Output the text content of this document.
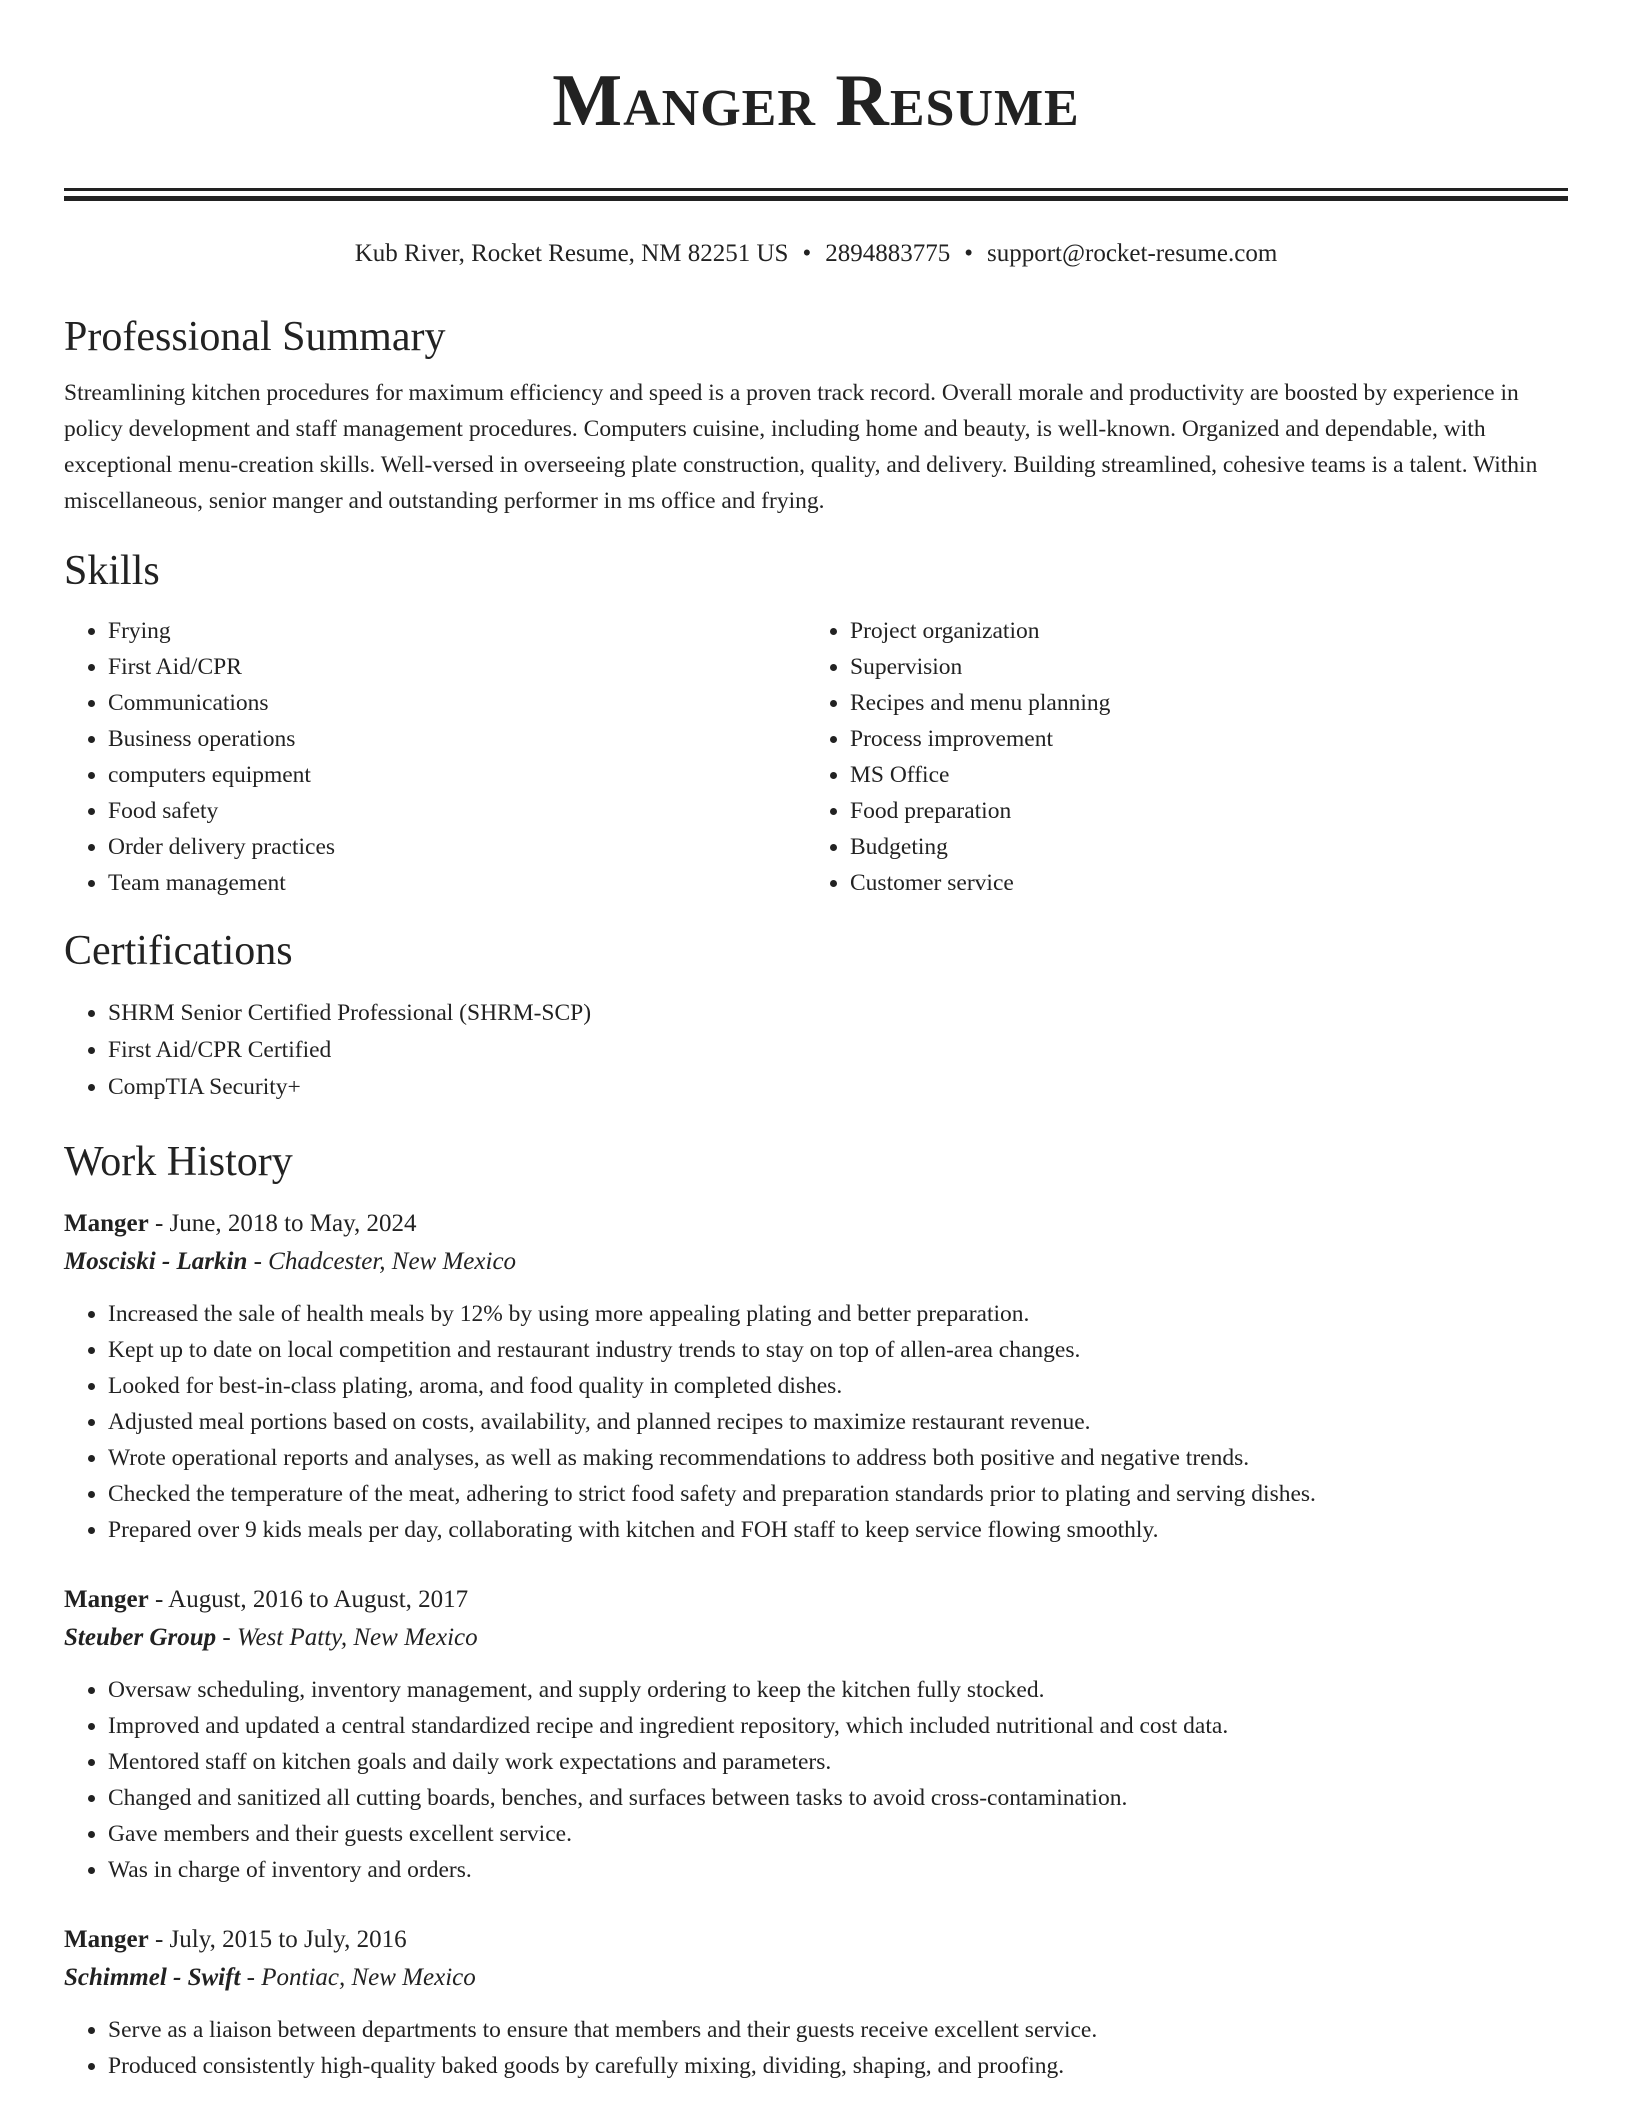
Manger Resume
Kub River, Rocket Resume, NM 82251 US • 2894883775 • support@rocket-resume.com
Professional Summary

Streamlining kitchen procedures for maximum efficiency and speed is a proven track record. Overall morale and productivity are boosted by experience in policy development and staff management procedures. Computers cuisine, including home and beauty, is well-known. Organized and dependable, with exceptional menu-creation skills. Well-versed in overseeing plate construction, quality, and delivery. Building streamlined, cohesive teams is a talent. Within miscellaneous, senior manger and outstanding performer in ms office and frying.

Skills
• Frying
• First Aid/CPR
• Communications
• Business operations
• computers equipment
• Food safety
• Order delivery practices
• Team management
• Project organization
• Supervision
• Recipes and menu planning
• Process improvement
• MS Office
• Food preparation
• Budgeting
• Customer service
Certifications
• SHRM Senior Certified Professional (SHRM-SCP)
• First Aid/CPR Certified
• CompTIA Security+
Work History
Manger - June, 2018 to May, 2024
Mosciski - Larkin - Chadcester, New Mexico
• Increased the sale of health meals by 12% by using more appealing plating and better preparation.
• Kept up to date on local competition and restaurant industry trends to stay on top of allen-area changes.
• Looked for best-in-class plating, aroma, and food quality in completed dishes.
• Adjusted meal portions based on costs, availability, and planned recipes to maximize restaurant revenue.
• Wrote operational reports and analyses, as well as making recommendations to address both positive and negative trends.
• Checked the temperature of the meat, adhering to strict food safety and preparation standards prior to plating and serving dishes.
• Prepared over 9 kids meals per day, collaborating with kitchen and FOH staff to keep service flowing smoothly.
Manger - August, 2016 to August, 2017
Steuber Group - West Patty, New Mexico
• Oversaw scheduling, inventory management, and supply ordering to keep the kitchen fully stocked.
• Improved and updated a central standardized recipe and ingredient repository, which included nutritional and cost data.
• Mentored staff on kitchen goals and daily work expectations and parameters.
• Changed and sanitized all cutting boards, benches, and surfaces between tasks to avoid cross-contamination.
• Gave members and their guests excellent service.
• Was in charge of inventory and orders.
Manger - July, 2015 to July, 2016
Schimmel - Swift - Pontiac, New Mexico
• Serve as a liaison between departments to ensure that members and their guests receive excellent service.
• Produced consistently high-quality baked goods by carefully mixing, dividing, shaping, and proofing.
